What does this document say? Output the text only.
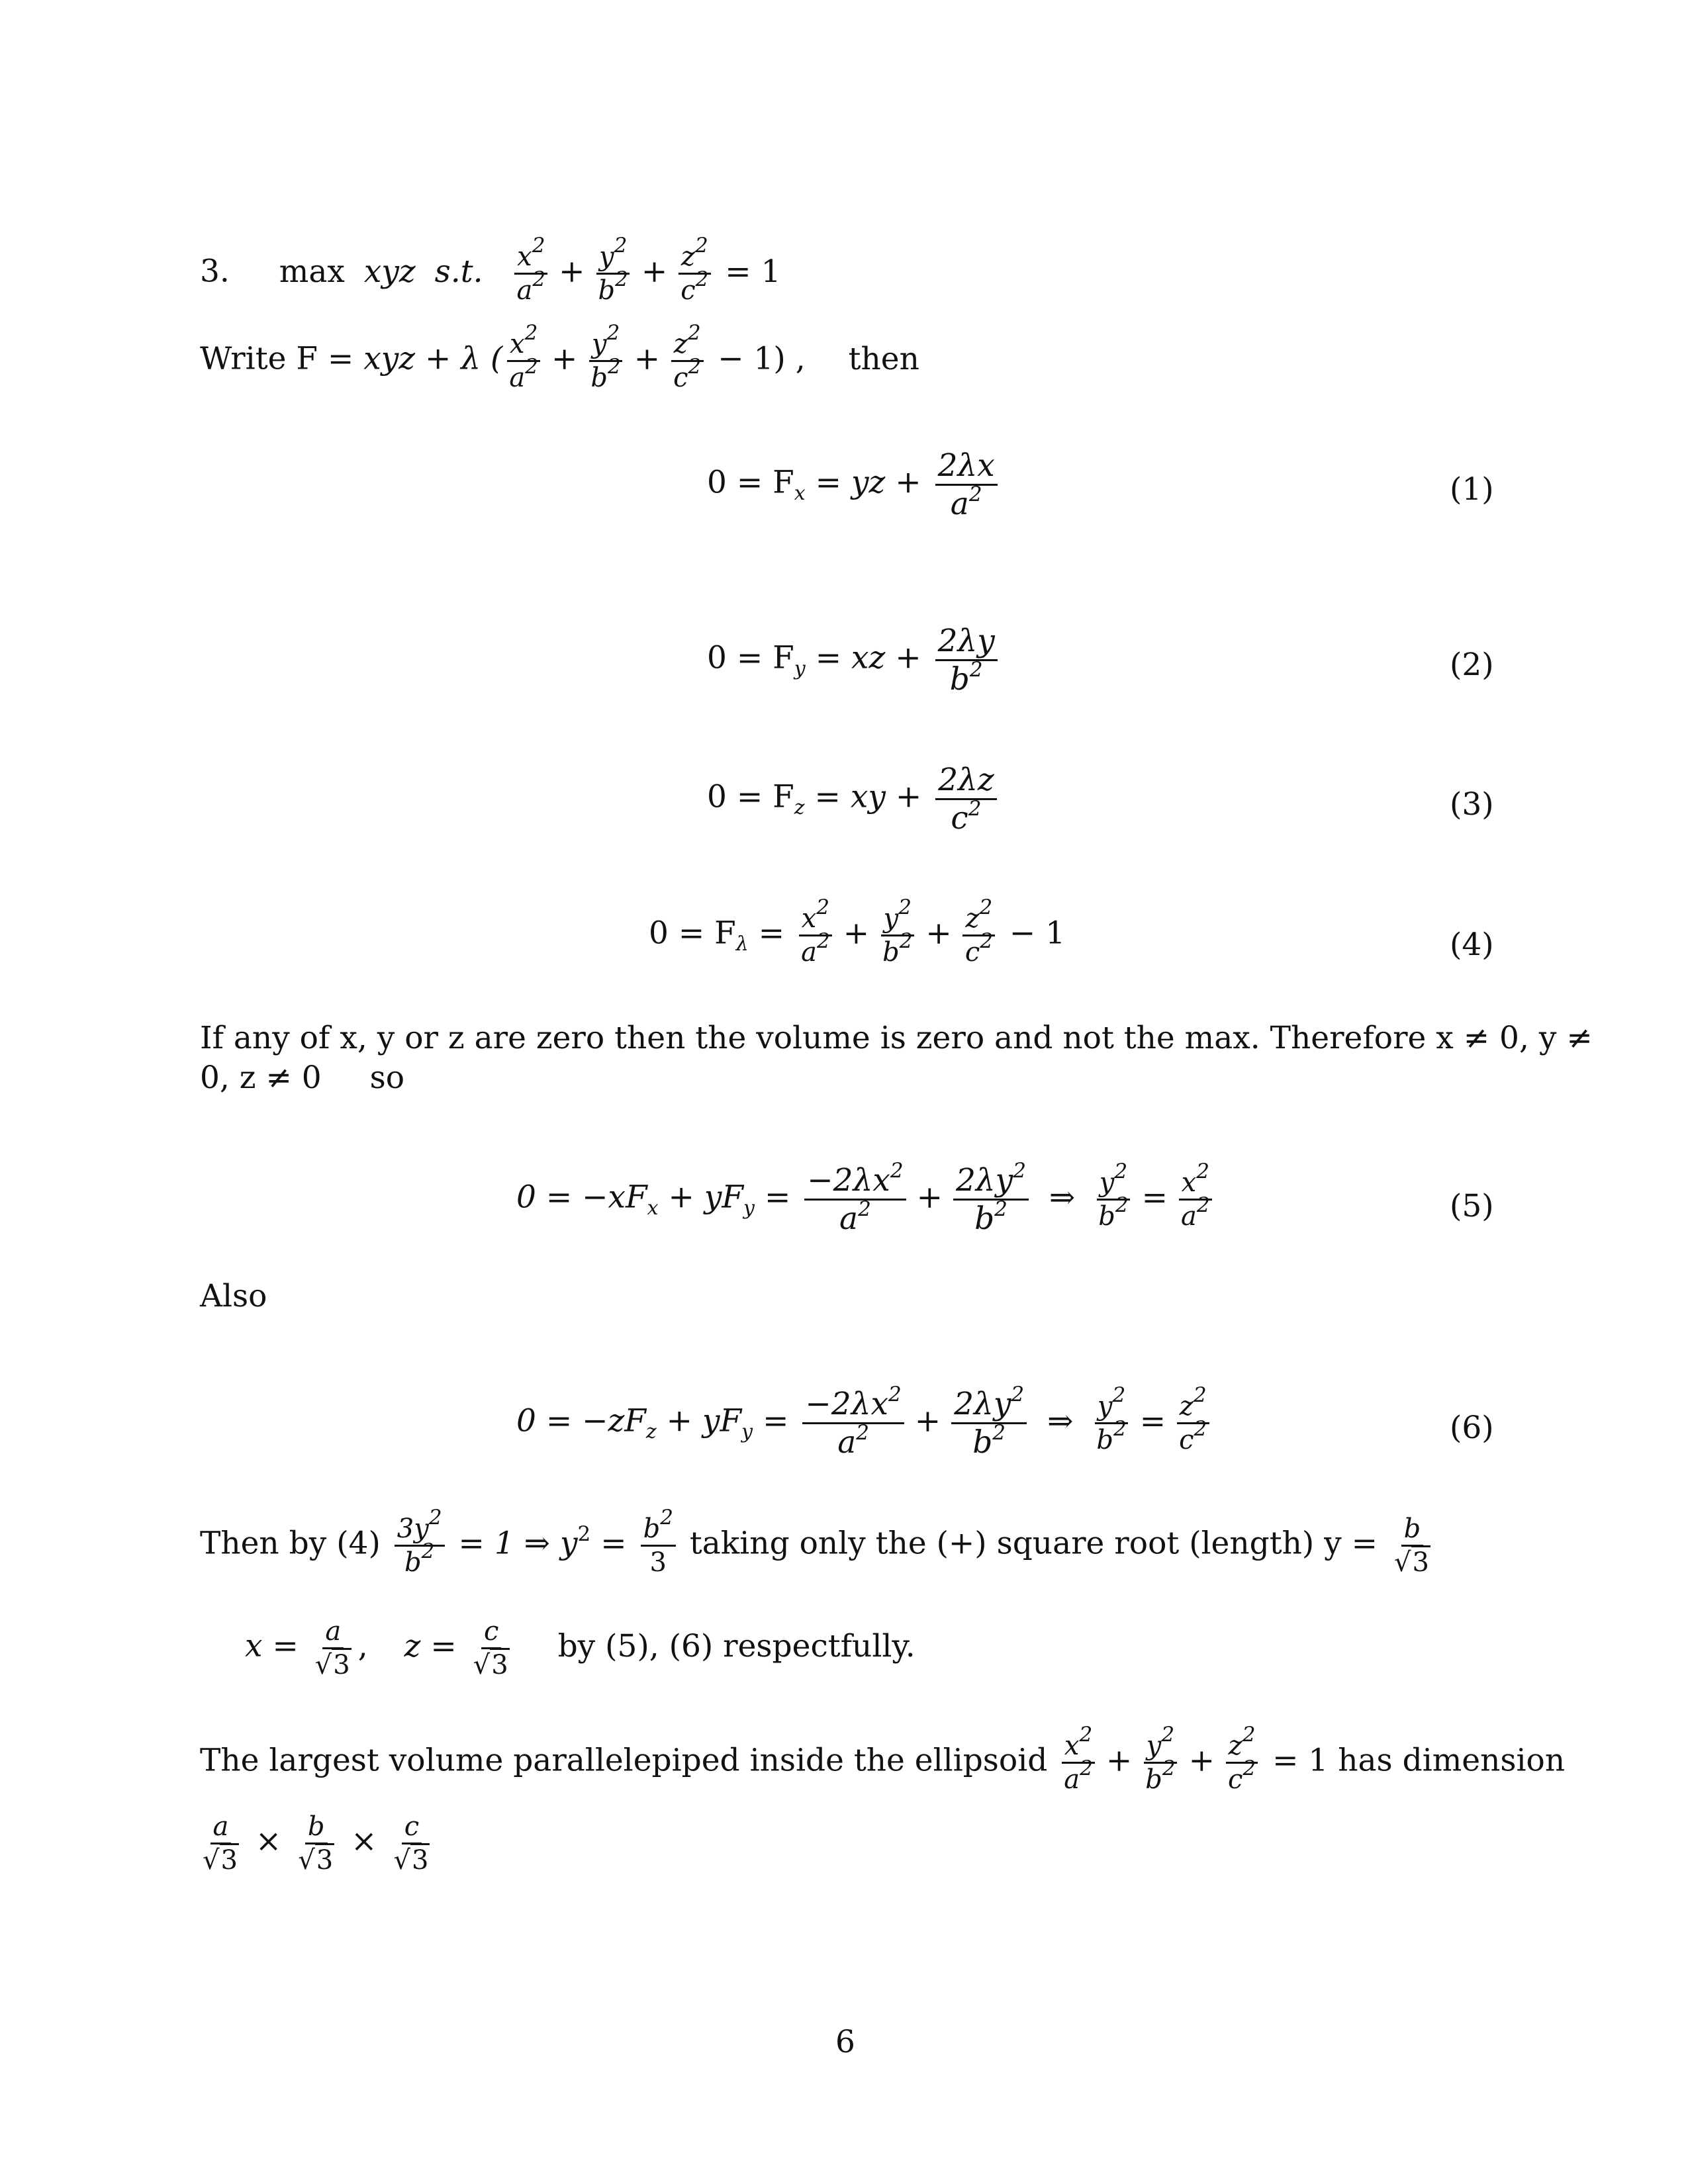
3. max xyz s.t. $\frac{x^2}{a^2} + \frac{y^2}{b^2} + \frac{z^2}{c^2} = 1$
Write F = xyz + λ ( $\frac{x^2}{a^2} + \frac{y^2}{b^2} + \frac{z^2}{c^2} - 1$) , then
$0 = F_x$ = yz + $\frac{2\lambda x}{a^2}$	(1)
$0 = F_y$ = xz + $\frac{2\lambda y}{b^2}$	(2)
$0 = F_z$ = xy + $\frac{2\lambda z}{c^2}$	(3)
$0 = F_\lambda = \frac{x^2}{a^2} + \frac{y^2}{b^2} + \frac{z^2}{c^2} - 1$	(4)
If any of x, y or z are zero then the volume is zero and not the max. Therefore x ≠ 0, y ≠
0, z ≠ 0 so
$0 = -xF_x + yF_y = \frac{-2\lambda x^2}{a^2} + \frac{2\lambda y^2}{b^2}$ ⇒ $\frac{y^2}{b^2} = \frac{x^2}{a^2}$	(5)
Also
$0 = -zF_z + yF_y = \frac{-2\lambda x^2}{a^2} + \frac{2\lambda y^2}{b^2}$ ⇒ $\frac{y^2}{b^2} = \frac{z^2}{c^2}$	(6)
Then by $(4) \frac{3y^2}{b^2} = 1$ ⇒ $y^2 = \frac{b^2}{3}$ taking only the (+) square root (length) $y = \frac{b}{√3}$
$x = \frac{a}{√3}$ , $z = \frac{c}{√3}$ by (5), (6) respectfully.
The largest volume parallelepiped inside the ellipsoid $\frac{x^2}{a^2} + \frac{y^2}{b^2} + \frac{z^2}{c^2} = 1$ has dimension
$\frac{a}{√3} \times \frac{b}{√3} \times \frac{c}{√3}$
6
